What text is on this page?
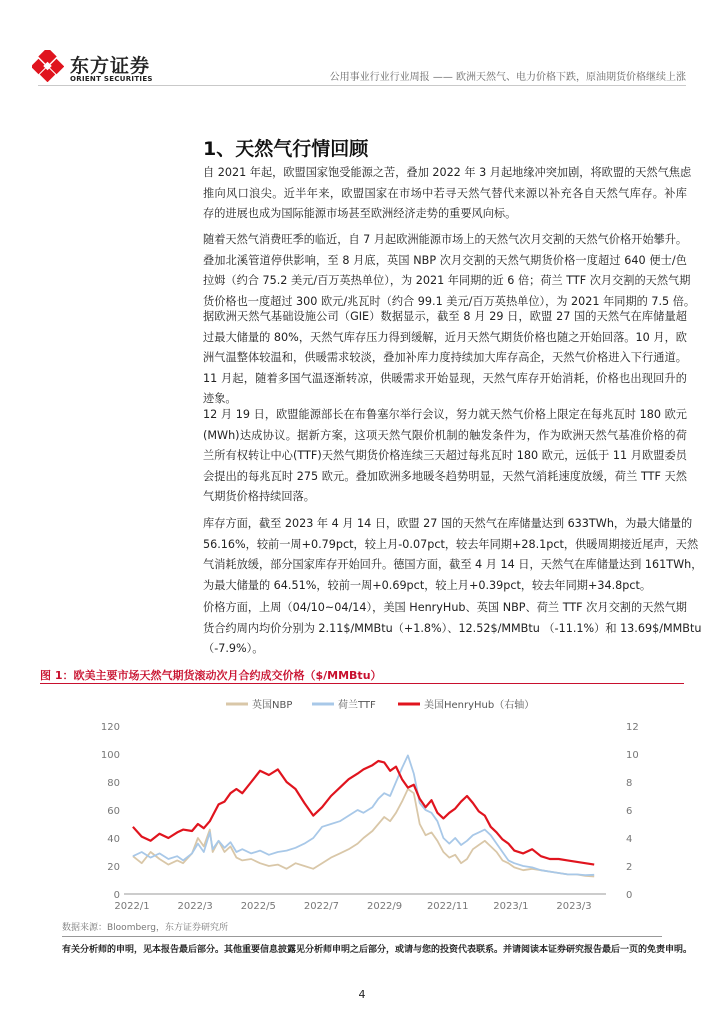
东方证券
ORIENT SECURITIES	公用事业行业行业周报 —— 欧洲天然气、电力价格下跌，原油期货价格继续上涨
1、天然气行情回顾
自 2021 年起，欧盟国家饱受能源之苦，叠加 2022 年 3 月起地缘冲突加剧，将欧盟的天然气焦虑
推向风口浪尖。近半年来，欧盟国家在市场中若寻天然气替代来源以补充各自天然气库存。补库
存的进展也成为国际能源市场甚至欧洲经济走势的重要风向标。
随着天然气消费旺季的临近，自 7 月起欧洲能源市场上的天然气次月交割的天然气价格开始攀升。
叠加北溪管道停供影响，至 8 月底，英国 NBP 次月交割的天然气期货价格一度超过 640 便士/色
拉姆（约合 75.2 美元/百万英热单位），为 2021 年同期的近 6 倍；荷兰 TTF 次月交割的天然气期
货价格也一度超过 300 欧元/兆瓦时（约合 99.1 美元/百万英热单位），为 2021 年同期的 7.5 倍。
据欧洲天然气基础设施公司（GIE）数据显示，截至 8 月 29 日，欧盟 27 国的天然气在库储量超
过最大储量的 80%，天然气库存压力得到缓解，近月天然气期货价格也随之开始回落。10 月，欧
洲气温整体较温和，供暖需求较淡，叠加补库力度持续加大库存高企，天然气价格进入下行通道。
11 月起，随着多国气温逐渐转凉，供暖需求开始显现，天然气库存开始消耗，价格也出现回升的
迹象。
12 月 19 日，欧盟能源部长在布鲁塞尔举行会议，努力就天然气价格上限定在每兆瓦时 180 欧元
(MWh)达成协议。据新方案，这项天然气限价机制的触发条件为，作为欧洲天然气基准价格的荷
兰所有权转让中心(TTF)天然气期货价格连续三天超过每兆瓦时 180 欧元，远低于 11 月欧盟委员
会提出的每兆瓦时 275 欧元。叠加欧洲多地暖冬趋势明显，天然气消耗速度放缓，荷兰 TTF 天然
气期货价格持续回落。
库存方面，截至 2023 年 4 月 14 日，欧盟 27 国的天然气在库储量达到 633TWh，为最大储量的
56.16%，较前一周+0.79pct，较上月-0.07pct，较去年同期+28.1pct，供暖周期接近尾声，天然
气消耗放缓，部分国家库存开始回升。德国方面，截至 4 月 14 日，天然气在库储量达到 161TWh，
为最大储量的 64.51%，较前一周+0.69pct，较上月+0.39pct，较去年同期+34.8pct。
价格方面，上周（04/10~04/14），美国 HenryHub、英国 NBP、荷兰 TTF 次月交割的天然气期
货合约周内均价分别为 2.11$/MMBtu（+1.8%）、12.52$/MMBtu （-11.1%）和 13.69$/MMBtu
（-7.9%）。
图 1：欧美主要市场天然气期货滚动次月合约成交价格（$/MMBtu）
英国NBP	荷兰TTF	美国HenryHub（右轴）
0
20
40
60
80
100
120
0
2
4
6
8
10
12
2022/1	2022/3	2022/5	2022/7	2022/9 2022/11 2023/1	2023/3
数据来源：Bloomberg，东方证券研究所
有关分析师的申明，见本报告最后部分。其他重要信息披露见分析师申明之后部分，或请与您的投资代表联系。并请阅读本证券研究报告最后一页的免责申明。
4
